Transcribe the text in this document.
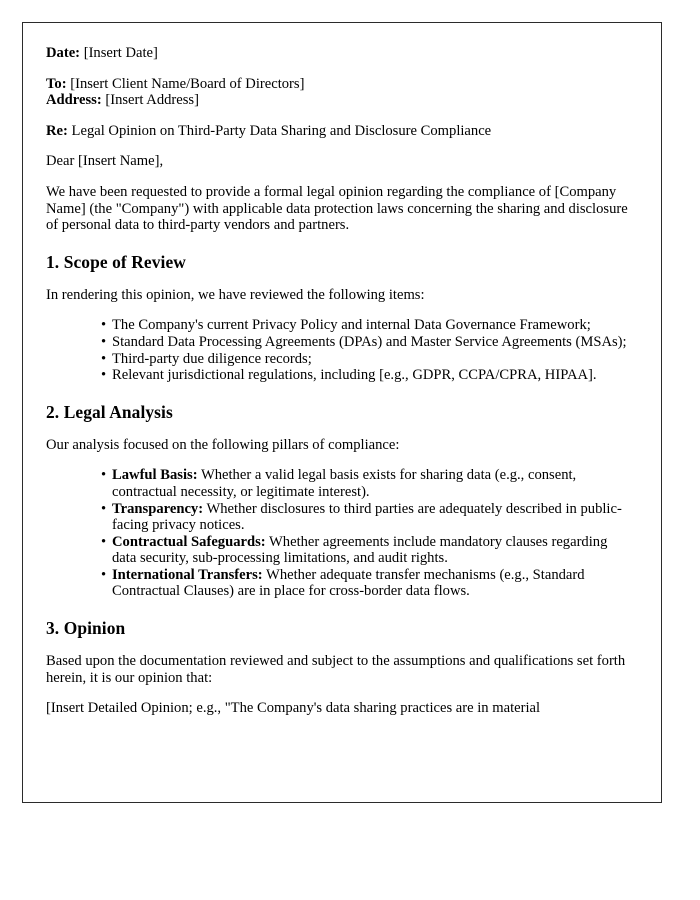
Date: [Insert Date]

To: [Insert Client Name/Board of Directors]

Address: [Insert Address]

Re: Legal Opinion on Third-Party Data Sharing and Disclosure Compliance

Dear [Insert Name],

We have been requested to provide a formal legal opinion regarding the compliance of [Company Name] (the "Company") with applicable data protection laws concerning the sharing and disclosure of personal data to third-party vendors and partners.

1. Scope of Review

In rendering this opinion, we have reviewed the following items:

• The Company's current Privacy Policy and internal Data Governance Framework;
• Standard Data Processing Agreements (DPAs) and Master Service Agreements (MSAs);
• Third-party due diligence records;
• Relevant jurisdictional regulations, including [e.g., GDPR, CCPA/CPRA, HIPAA].
2. Legal Analysis

Our analysis focused on the following pillars of compliance:

• Lawful Basis: Whether a valid legal basis exists for sharing data (e.g., consent, contractual necessity, or legitimate interest).
• Transparency: Whether disclosures to third parties are adequately described in public-facing privacy notices.
• Contractual Safeguards: Whether agreements include mandatory clauses regarding data security, sub-processing limitations, and audit rights.
• International Transfers: Whether adequate transfer mechanisms (e.g., Standard Contractual Clauses) are in place for cross-border data flows.
3. Opinion

Based upon the documentation reviewed and subject to the assumptions and qualifications set forth herein, it is our opinion that:

[Insert Detailed Opinion; e.g., "The Company's data sharing practices are in material
